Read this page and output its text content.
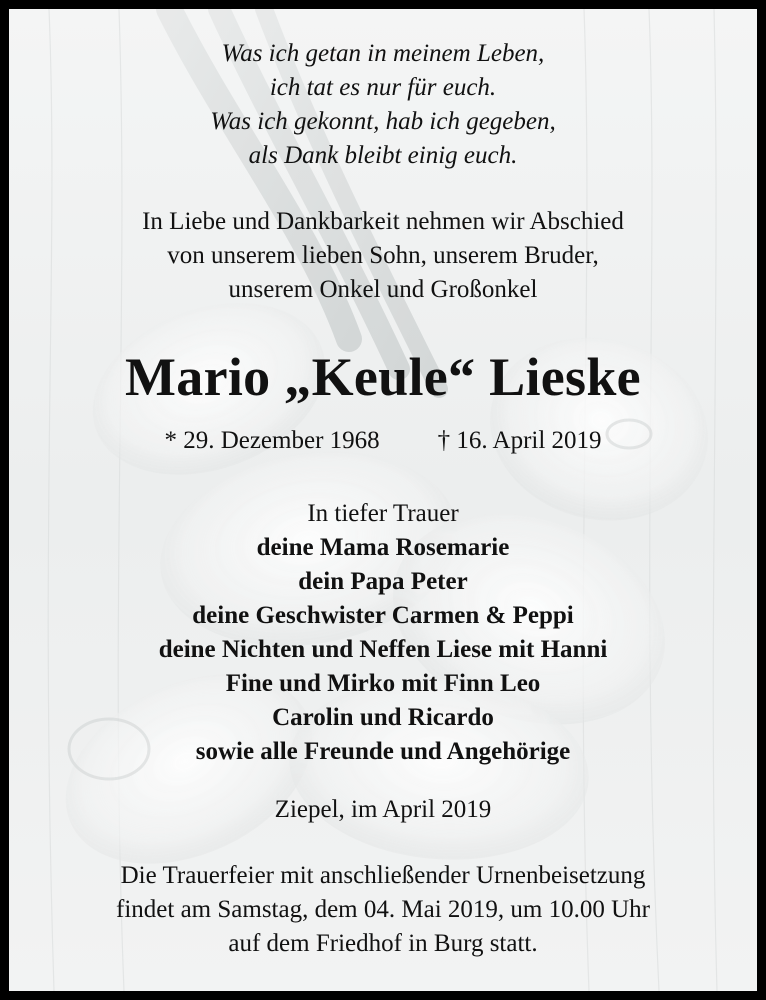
Was ich getan in meinem Leben,
ich tat es nur für euch.
Was ich gekonnt, hab ich gegeben,
als Dank bleibt einig euch.
In Liebe und Dankbarkeit nehmen wir Abschied
von unserem lieben Sohn, unserem Bruder,
unserem Onkel und Großonkel
Mario „Keule“ Lieske
* 29. Dezember 1968 † 16. April 2019
In tiefer Trauer
deine Mama Rosemarie
dein Papa Peter
deine Geschwister Carmen & Peppi
deine Nichten und Neffen Liese mit Hanni
Fine und Mirko mit Finn Leo
Carolin und Ricardo
sowie alle Freunde und Angehörige
Ziepel, im April 2019
Die Trauerfeier mit anschließender Urnenbeisetzung
findet am Samstag, dem 04. Mai 2019, um 10.00 Uhr
auf dem Friedhof in Burg statt.
